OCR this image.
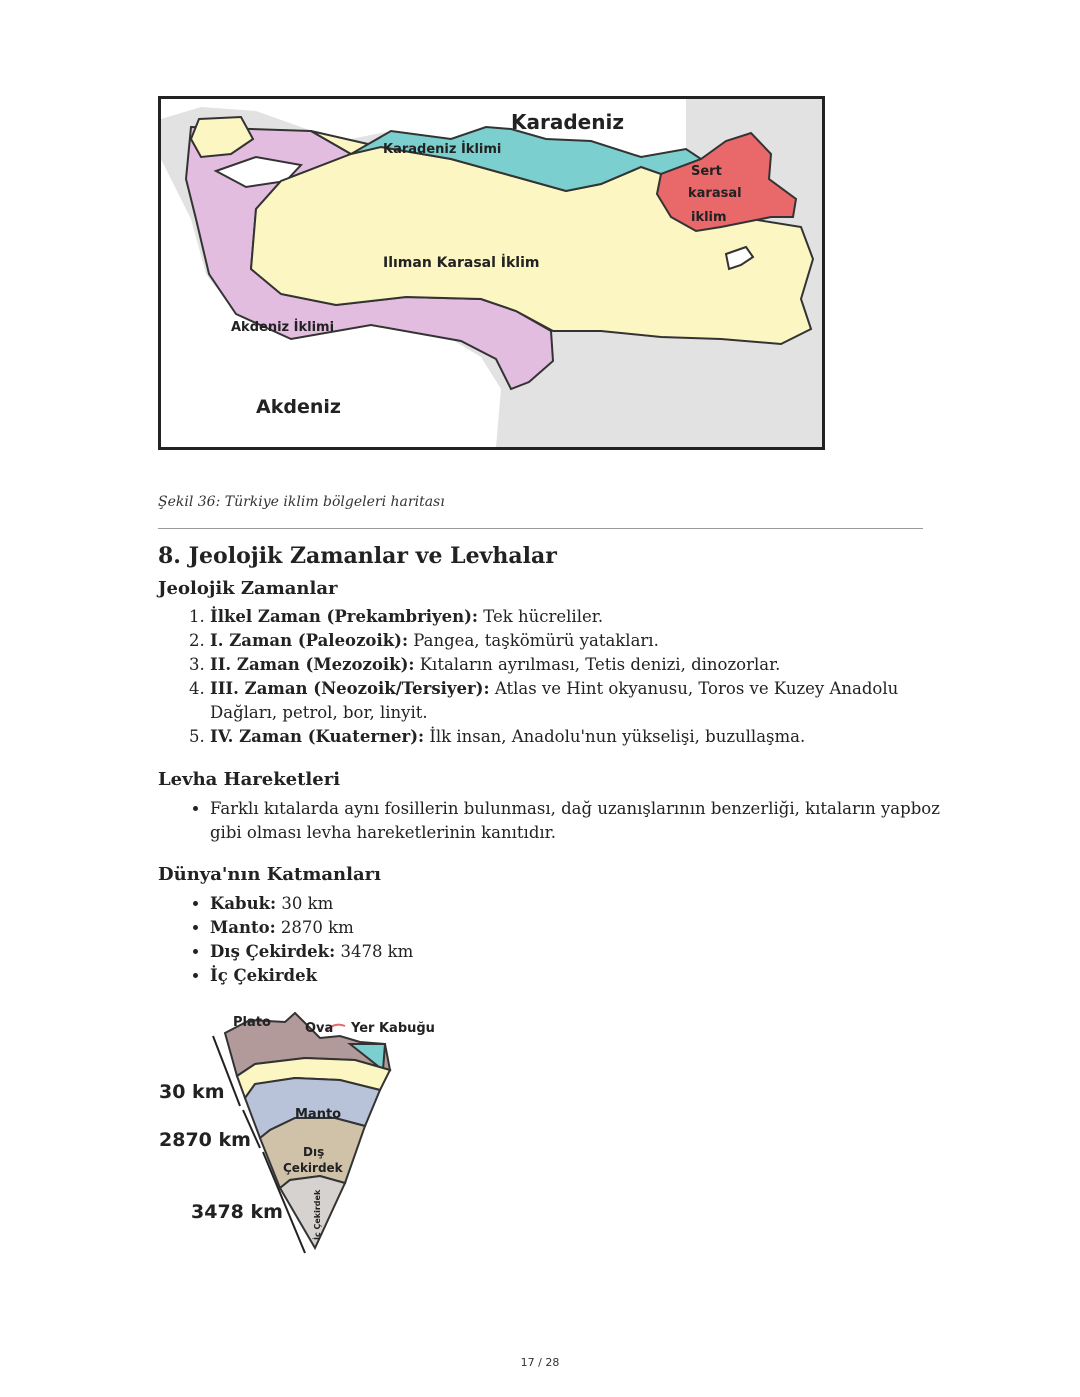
Karadeniz
Karadeniz İklimi
Sert
karasal
iklim
Ilıman Karasal İklim
Akdeniz İklimi
Akdeniz
Şekil 36: Türkiye iklim bölgeleri haritası
8. Jeolojik Zamanlar ve Levhalar
Jeolojik Zamanlar
1. İlkel Zaman (Prekambriyen): Tek hücreliler.
2. I. Zaman (Paleozoik): Pangea, taşkömürü yatakları.
3. II. Zaman (Mezozoik): Kıtaların ayrılması, Tetis denizi, dinozorlar.
4. III. Zaman (Neozoik/Tersiyer): Atlas ve Hint okyanusu, Toros ve Kuzey Anadolu Dağları, petrol, bor, linyit.
5. IV. Zaman (Kuaterner): İlk insan, Anadolu'nun yükselişi, buzullaşma.
Levha Hareketleri
• Farklı kıtalarda aynı fosillerin bulunması, dağ uzanışlarının benzerliği, kıtaların yapboz gibi olması levha hareketlerinin kanıtıdır.
Dünya'nın Katmanları
• Kabuk: 30 km
• Manto: 2870 km
• Dış Çekirdek: 3478 km
• İç Çekirdek
Plato	Ova Yer Kabuğu
30 km
2870 km
3478 km
Manto
Dış
Çekirdek
İç Çekirdek
17 / 28
